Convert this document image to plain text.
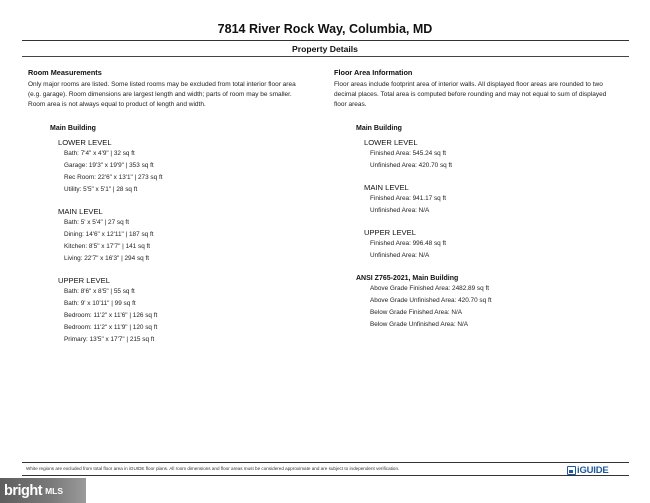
7814 River Rock Way, Columbia, MD
Property Details
Room Measurements
Only major rooms are listed. Some listed rooms may be excluded from total interior floor area
(e.g. garage). Room dimensions are largest length and width; parts of room may be smaller.
Room area is not always equal to product of length and width.
Main Building
LOWER LEVEL
Bath: 7'4" x 4'9" | 32 sq ft
Garage: 19'3" x 19'9" | 353 sq ft
Rec Room: 22'6" x 13'1" | 273 sq ft
Utility: 5'5" x 5'1" | 28 sq ft
MAIN LEVEL
Bath: 5' x 5'4" | 27 sq ft
Dining: 14'6" x 12'11" | 187 sq ft
Kitchen: 8'5" x 17'7" | 141 sq ft
Living: 22'7" x 16'3" | 294 sq ft
UPPER LEVEL
Bath: 8'6" x 8'5" | 55 sq ft
Bath: 9' x 10'11" | 99 sq ft
Bedroom: 11'2" x 11'6" | 126 sq ft
Bedroom: 11'2" x 11'9" | 120 sq ft
Primary: 13'5" x 17'7" | 215 sq ft
Floor Area Information
Floor areas include footprint area of interior walls. All displayed floor areas are rounded to two
decimal places. Total area is computed before rounding and may not equal to sum of displayed
floor areas.
Main Building
LOWER LEVEL
Finished Area: 545.24 sq ft
Unfinished Area: 420.70 sq ft
MAIN LEVEL
Finished Area: 941.17 sq ft
Unfinished Area: N/A
UPPER LEVEL
Finished Area: 996.48 sq ft
Unfinished Area: N/A
ANSI Z765-2021, Main Building
Above Grade Finished Area: 2482.89 sq ft
Above Grade Unfinished Area: 420.70 sq ft
Below Grade Finished Area: N/A
Below Grade Unfinished Area: N/A
White regions are excluded from total floor area in iGUIDE floor plans. All room dimensions and floor areas must be considered approximate and are subject to independent verification.	iGUIDE
bright MLS
